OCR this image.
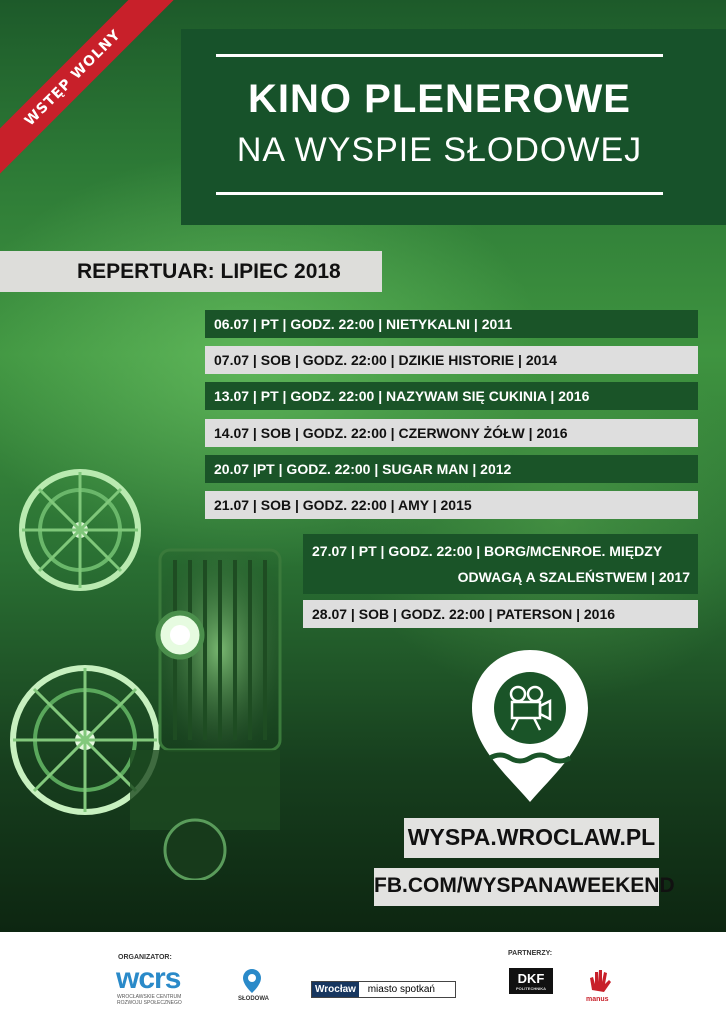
WSTĘP WOLNY	KINO PLENEROWE
NA WYSPIE SŁODOWEJ
REPERTUAR: LIPIEC 2018
06.07 | PT | GODZ. 22:00 | NIETYKALNI | 2011
07.07 | SOB | GODZ. 22:00 | DZIKIE HISTORIE | 2014
13.07 | PT | GODZ. 22:00 | NAZYWAM SIĘ CUKINIA | 2016
14.07 | SOB | GODZ. 22:00 | CZERWONY ŻÓŁW | 2016
20.07 |PT | GODZ. 22:00 | SUGAR MAN | 2012
21.07 | SOB | GODZ. 22:00 | AMY | 2015
27.07 | PT | GODZ. 22:00 | BORG/MCENROE. MIĘDZY
ODWAGĄ A SZALEŃSTWEM | 2017
28.07 | SOB | GODZ. 22:00 | PATERSON | 2016
WYSPA.WROCLAW.PL
FB.COM/WYSPANAWEEKEND
ORGANIZATOR:
wcrs
WROCŁAWSKIE CENTRUM
ROZWOJU SPOŁECZNEGO
SŁODOWA
Wrocław miasto spotkań
PARTNERZY:
DKF
POLITECHNIKA
manus
